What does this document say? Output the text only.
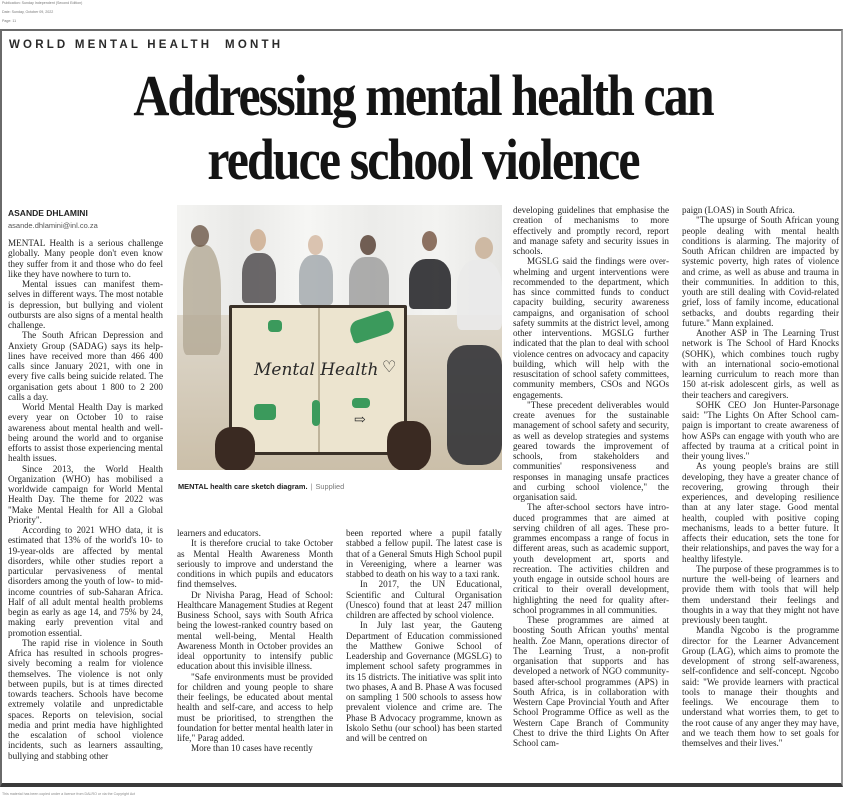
Publication: Sunday Independent (Second Edition)
Date: Sunday, October 09, 2022
Page: 11
WORLD MENTAL HEALTH  MONTH
Addressing mental health can
reduce school violence
ASANDE DHLAMINI
asande.dhlamini@inl.co.za

MENTAL Health is a serious challenge globally. Many people don't even know they suffer from it and those who do feel like they have nowhere to turn to.

Mental issues can manifest themselves in different ways. The most notable is depression, but bullying and violent outbursts are also signs of a mental health challenge.

The South African Depression and Anxiety Group (SADAG) says its helplines have received more than 466 400 calls since January 2021, with one in every five calls being suicide related. The organisation gets about 1 800 to 2 200 calls a day.

World Mental Health Day is marked every year on October 10 to raise awareness about mental health and well-being around the world and to organise efforts to assist those experiencing mental health issues.

Since 2013, the World Health Organization (WHO) has mobilised a worldwide campaign for World Mental Health Day. The theme for 2022 was "Make Mental Health for All a Global Priority".

According to 2021 WHO data, it is estimated that 13% of the world's 10- to 19-year-olds are affected by mental disorders, while other studies report a particular pervasiveness of mental disorders among the youth of low- to mid-income countries of sub-Saharan Africa. Half of all adult mental health problems begin as early as age 14, and 75% by 24, making early prevention vital and promotion essential.

The rapid rise in violence in South Africa has resulted in schools progressively becoming a realm for violence themselves. The violence is not only between pupils, but is at times directed towards teachers. Schools have become extremely volatile and unpredictable spaces. Reports on television, social media and print media have highlighted the escalation of school violence incidents, such as learners assaulting, bullying and stabbing other

Mental Health ♡
⇨
MENTAL health care sketch diagram. | Supplied

learners and educators.

It is therefore crucial to take October as Mental Health Awareness Month seriously to improve and understand the conditions in which pupils and educators find themselves.

Dr Nivisha Parag, Head of School: Healthcare Management Studies at Regent Business School, says with South Africa being the lowest-ranked country based on mental well-being, Mental Health Awareness Month in October provides an ideal opportunity to intensify public education about this invisible illness.

"Safe environments must be provided for children and young people to share their feelings, be educated about mental health and self-care, and access to help must be prioritised, to strengthen the foundation for better mental health later in life," Parag added.

More than 10 cases have recently

been reported where a pupil fatally stabbed a fellow pupil. The latest case is that of a General Smuts High School pupil in Vereeniging, where a learner was stabbed to death on his way to a taxi rank.

In 2017, the UN Educational, Scientific and Cultural Organisation (Unesco) found that at least 247 million children are affected by school violence.

In July last year, the Gauteng Department of Education commissioned the Matthew Goniwe School of Leadership and Governance (MGSLG) to implement school safety programmes in its 15 districts. The initiative was split into two phases, A and B. Phase A was focused on sampling 1 500 schools to assess how prevalent violence and crime are. The Phase B Advocacy programme, known as Iskolo Sethu (our school) has been started and will be centred on

developing guidelines that emphasise the creation of mechanisms to more effectively and promptly record, report and manage safety and security issues in schools.

MGSLG said the findings were overwhelming and urgent interventions were recommended to the department, which has since committed funds to conduct capacity building, security awareness campaigns, and organisation of school safety summits at the district level, among other interventions. MGSLG further indicated that the plan to deal with school violence centres on advocacy and capacity building, which will help with the resuscitation of school safety committees, community members, CSOs and NGOs engagements.

"These precedent deliverables would create avenues for the sustainable management of school safety and security, as well as develop strategies and systems geared towards the improvement of schools, from stakeholders and communities' responsiveness and responses in managing unsafe practices and curbing school violence," the organisation said.

The after-school sectors have introduced programmes that are aimed at serving children of all ages. These programmes encompass a range of focus in different areas, such as academic support, youth development art, sports and recreation. The activities children and youth engage in outside school hours are critical to their overall development, highlighting the need for quality after-school programmes in all communities.

These programmes are aimed at boosting South African youths' mental health. Zoe Mann, operations director of The Learning Trust, a non-profit organisation that supports and has developed a network of NGO community-based after-school programmes (APS) in South Africa, is in collaboration with Western Cape Provincial Youth and After School Programme Office as well as the Western Cape Branch of Community Chest to drive the third Lights On After School cam-

paign (LOAS) in South Africa.

"The upsurge of South African young people dealing with mental health conditions is alarming. The majority of South African children are impacted by systemic poverty, high rates of violence and crime, as well as abuse and trauma in their communities. In addition to this, youth are still dealing with Covid-related grief, loss of family income, educational setbacks, and doubts regarding their future." Mann explained.

Another ASP in The Learning Trust network is The School of Hard Knocks (SOHK), which combines touch rugby with an international socio-emotional learning curriculum to reach more than 150 at-risk adolescent girls, as well as their teachers and caregivers.

SOHK CEO Jon Hunter-Parsonage said: "The Lights On After School campaign is important to create awareness of how ASPs can engage with youth who are affected by trauma at a critical point in their young lives."

As young people's brains are still developing, they have a greater chance of recovering, growing through their experiences, and developing resilience than at any later stage. Good mental health, coupled with positive coping mechanisms, leads to a better future. It affects their education, sets the tone for their relationships, and paves the way for a healthy lifestyle.

The purpose of these programmes is to nurture the well-being of learners and provide them with tools that will help them understand their feelings and thoughts in a way that they might not have previously been taught.

Mandla Ngcobo is the programme director for the Learner Advancement Group (LAG), which aims to promote the development of strong self-awareness, self-confidence and self-concept. Ngcobo said: "We provide learners with practical tools to manage their thoughts and feelings. We encourage them to understand what worries them, to get to the root cause of any anger they may have, and we teach them how to set goals for themselves and their lives."

This material has been copied under a licence from DALRO or via the Copyright Act
